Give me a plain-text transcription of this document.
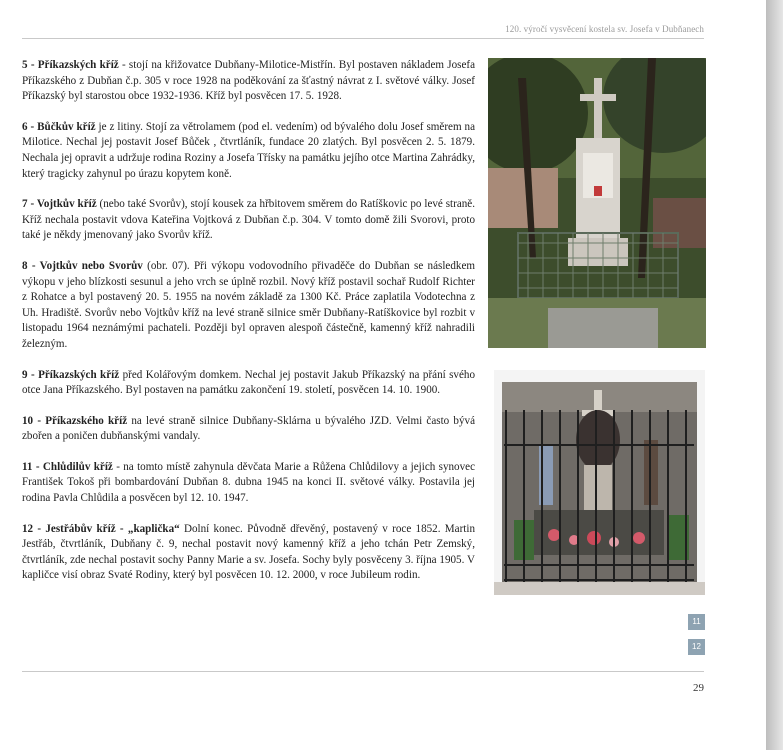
120. výročí vysvěcení kostela sv. Josefa v Dubňanech

5 - Příkazských kříž - stojí na křižovatce Dubňany-Milotice-Mistřín. Byl postaven nákladem Josefa Příkazského z Dubňan č.p. 305 v roce 1928 na poděkování za šťastný návrat z I. světové války. Josef Příkazský byl starostou obce 1932-1936. Kříž byl posvěcen 17. 5. 1928.

6 - Bůčkův kříž je z litiny. Stojí za větrolamem (pod el. vedením) od bývalého dolu Josef směrem na Milotice. Nechal jej postavit Josef Bůček , čtvrtláník, fundace 20 zlatých. Byl posvěcen 2. 5. 1879. Nechala jej opravit a udržuje rodina Roziny a Josefa Třísky na památku jejího otce Martina Zahrádky, který tragicky zahynul po úrazu kopytem koně.

7 - Vojtkův kříž (nebo také Svorův), stojí kousek za hřbitovem směrem do Ratíškovic po levé straně. Kříž nechala postavit vdova Kateřina Vojtková z Dubňan č.p. 304. V tomto domě žili Svorovi, proto také je někdy jmenovaný jako Svorův kříž.

8 - Vojtkův nebo Svorův (obr. 07). Při výkopu vodovodního přivaděče do Dubňan se následkem výkopu v jeho blízkosti sesunul a jeho vrch se úplně rozbil. Nový kříž postavil sochař Rudolf Richter z Rohatce a byl postavený 20. 5. 1955 na novém základě za 1300 Kč. Práce zaplatila Vodotechna z Uh. Hradiště. Svorův nebo Vojtkův kříž na levé straně silnice směr Dubňany-Ratíškovice byl rozbit v listopadu 1964 neznámými pachateli. Později byl opraven alespoň částečně, kamenný kříž nahradili železným.

9 - Příkazských kříž před Kolářovým domkem. Nechal jej postavit Jakub Příkazský na přání svého otce Jana Příkazského. Byl postaven na památku zakončení 19. století, posvěcen 14. 10. 1900.

10 - Příkazského kříž na levé straně silnice Dubňany-Sklárna u bývalého JZD. Velmi často bývá zbořen a poničen dubňanskými vandaly.

11 - Chlůdilův kříž - na tomto místě zahynula děvčata Marie a Růžena Chlůdilovy a jejich synovec František Tokoš při bombardování Dubňan 8. dubna 1945 na konci II. světové války. Postavila jej rodina Pavla Chlůdila a posvěcen byl 12. 10. 1947.

12 - Jestřábův kříž - „kaplička“ Dolní konec. Původně dřevěný, postavený v roce 1852. Martin Jestřáb, čtvrtláník, Dubňany č. 9, nechal postavit nový kamenný kříž a jeho tchán Petr Zemský, čtvrtláník, zde nechal postavit sochy Panny Marie a sv. Josefa. Sochy byly posvěceny 3. října 1905. V kapličce visí obraz Svaté Rodiny, který byl posvěcen 10. 12. 2000, v roce Jubileum rodin.

11
12
29
